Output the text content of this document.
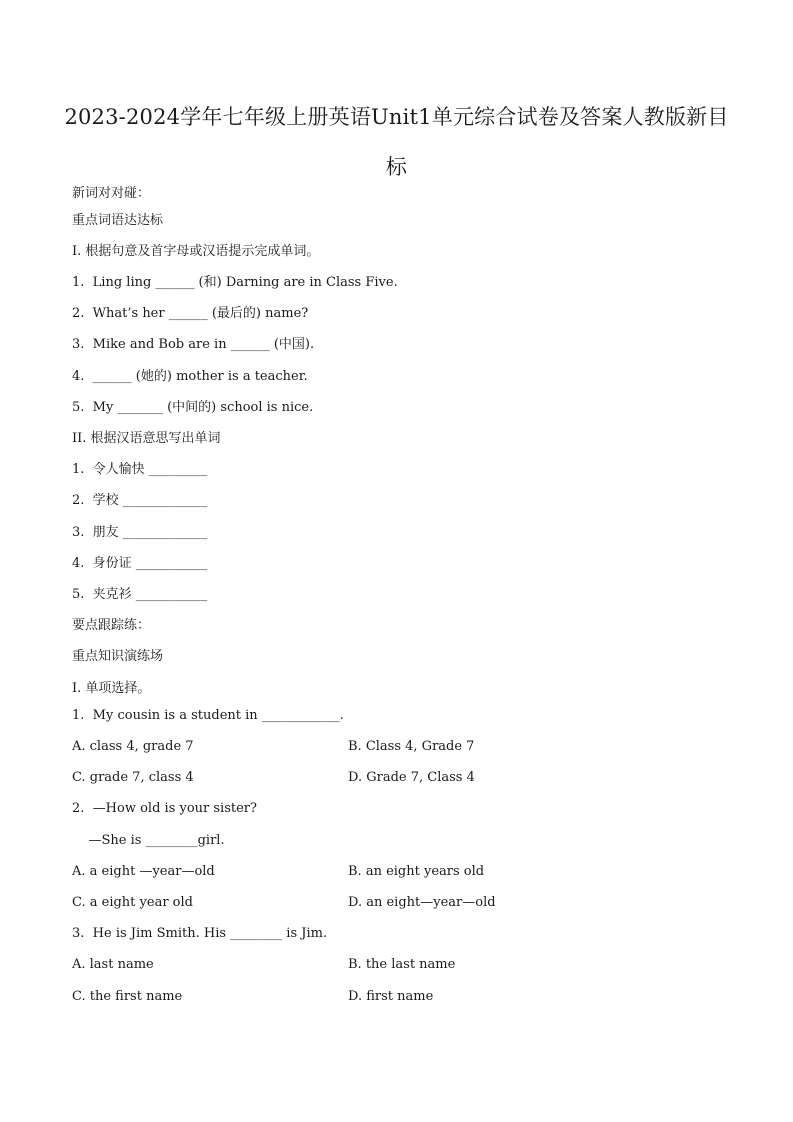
2023-2024学年七年级上册英语Unit1单元综合试卷及答案人教版新目标
新词对对碰：
重点词语达达标
I. 根据句意及首字母或汉语提示完成单词。
1.  Ling ling ______ (和) Darning are in Class Five.
2.  What’s her ______ (最后的) name?
3.  Mike and Bob are in ______ (中国).
4.  ______ (她的) mother is a teacher.
5.  My _______ (中间的) school is nice.
II. 根据汉语意思写出单词
1.  令人愉快 _________
2.  学校 _____________
3.  朋友 _____________
4.  身份证 ___________
5.  夹克衫 ___________
要点跟踪练：
重点知识演练场
I. 单项选择。
1.  My cousin is a student in ____________.
A. class 4, grade 7	B. Class 4, Grade 7
C. grade 7, class 4	D. Grade 7, Class 4
2.  —How old is your sister?
—She is ________girl.
A. a eight —year—old	B. an eight years old
C. a eight year old	D. an eight—year—old
3.  He is Jim Smith. His ________ is Jim.
A. last name	B. the last name
C. the first name	D. first name
